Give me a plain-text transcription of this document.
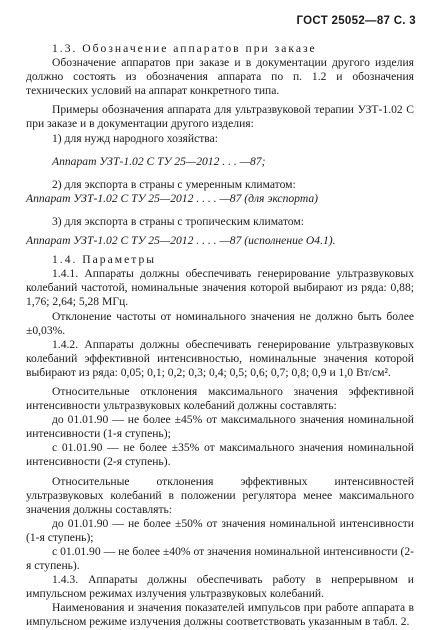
ГОСТ 25052—87 С. 3

1.3. Обозначение аппаратов при заказе

Обозначение аппаратов при заказе и в документации другого изделия должно состоять из обозначения аппарата по п. 1.2 и обозначения технических условий на аппарат конкретного типа.

Примеры обозначения аппарата для ультразвуковой терапии УЗТ-1.02 С при заказе и в документации другого изделия:

1) для нужд народного хозяйства:

Аппарат УЗТ-1.02 С ТУ 25—2012 . . . —87;

2) для экспорта в страны с умеренным климатом:

Аппарат УЗТ-1.02 С ТУ 25—2012 . . . . —87 (для экспорта)

3) для экспорта в страны с тропическим климатом:

Аппарат УЗТ-1.02 С ТУ 25—2012 . . . . —87 (исполнение О4.1).

1.4. Параметры

1.4.1. Аппараты должны обеспечивать генерирование ультразвуковых колебаний частотой, номинальные значения которой выбирают из ряда: 0,88; 1,76; 2,64; 5,28 МГц.

Отклонение частоты от номинального значения не должно быть более ±0,03%.

1.4.2. Аппараты должны обеспечивать генерирование ультразвуковых колебаний эффективной интенсивностью, номинальные значения которой выбирают из ряда: 0,05; 0,1; 0,2; 0,3; 0,4; 0,5; 0,6; 0,7; 0,8; 0,9 и 1,0 Вт/см².

Относительные отклонения максимального значения эффективной интенсивности ультразвуковых колебаний должны составлять:

до 01.01.90 — не более ±45% от максимального значения номинальной интенсивности (1-я ступень);

с 01.01.90 — не более ±35% от максимального значения номинальной интенсивности (2-я ступень).

Относительные отклонения эффективных интенсивностей ультразвуковых колебаний в положении регулятора менее максимального значения должны составлять:

до 01.01.90 — не более ±50% от значения номинальной интенсивности (1-я ступень);

с 01.01.90 — не более ±40% от значения номинальной интенсивности (2-я ступень).

1.4.3. Аппараты должны обеспечивать работу в непрерывном и импульсном режимах излучения ультразвуковых колебаний.

Наименования и значения показателей импульсов при работе аппарата в импульсном режиме излучения должны соответствовать указанным в табл. 2.
